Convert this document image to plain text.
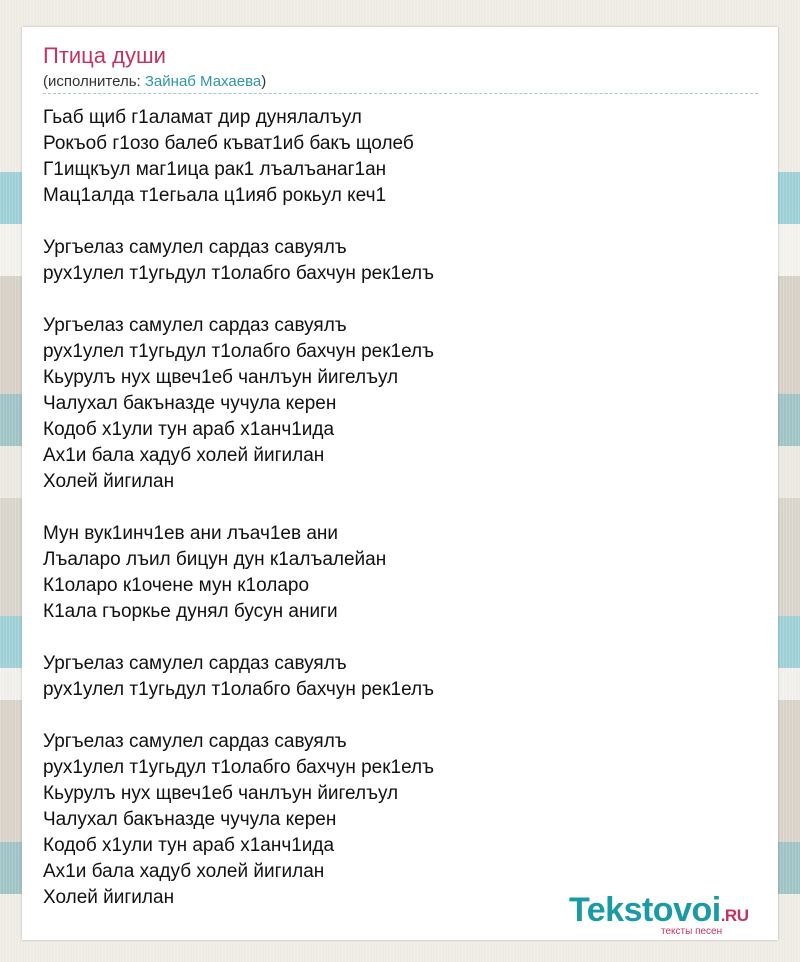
Птица души
(исполнитель: Зайнаб Махаева)
Гьаб щиб г1аламат дир дунялалъул
Рокъоб г1озо балеб къват1иб бакъ щолеб
Г1ищкъул маг1ица рак1 лъалъанаг1ан
Мац1алда т1егьала ц1ияб рокьул кеч1
Ургъелаз самулел сардаз савуялъ
рух1улел т1угьдул т1олабго бахчун рек1елъ
Ургъелаз самулел сардаз савуялъ
рух1улел т1угьдул т1олабго бахчун рек1елъ
Кьурулъ нух щвеч1еб чанлъун йигелъул
Чалухал бакъназде чучула керен
Кодоб х1ули тун араб х1анч1ида
Ах1и бала хадуб холей йигилан
Холей йигилан
Мун вук1инч1ев ани лъач1ев ани
Лъаларо лъил бицун дун к1алъалейан
К1оларо к1очене мун к1оларо
К1ала гъоркье дунял бусун аниги
Ургъелаз самулел сардаз савуялъ
рух1улел т1угьдул т1олабго бахчун рек1елъ
Ургъелаз самулел сардаз савуялъ
рух1улел т1угьдул т1олабго бахчун рек1елъ
Кьурулъ нух щвеч1еб чанлъун йигелъул
Чалухал бакъназде чучула керен
Кодоб х1ули тун араб х1анч1ида
Ах1и бала хадуб холей йигилан
Холей йигилан	Tekstovoi.RU
тексты песен
